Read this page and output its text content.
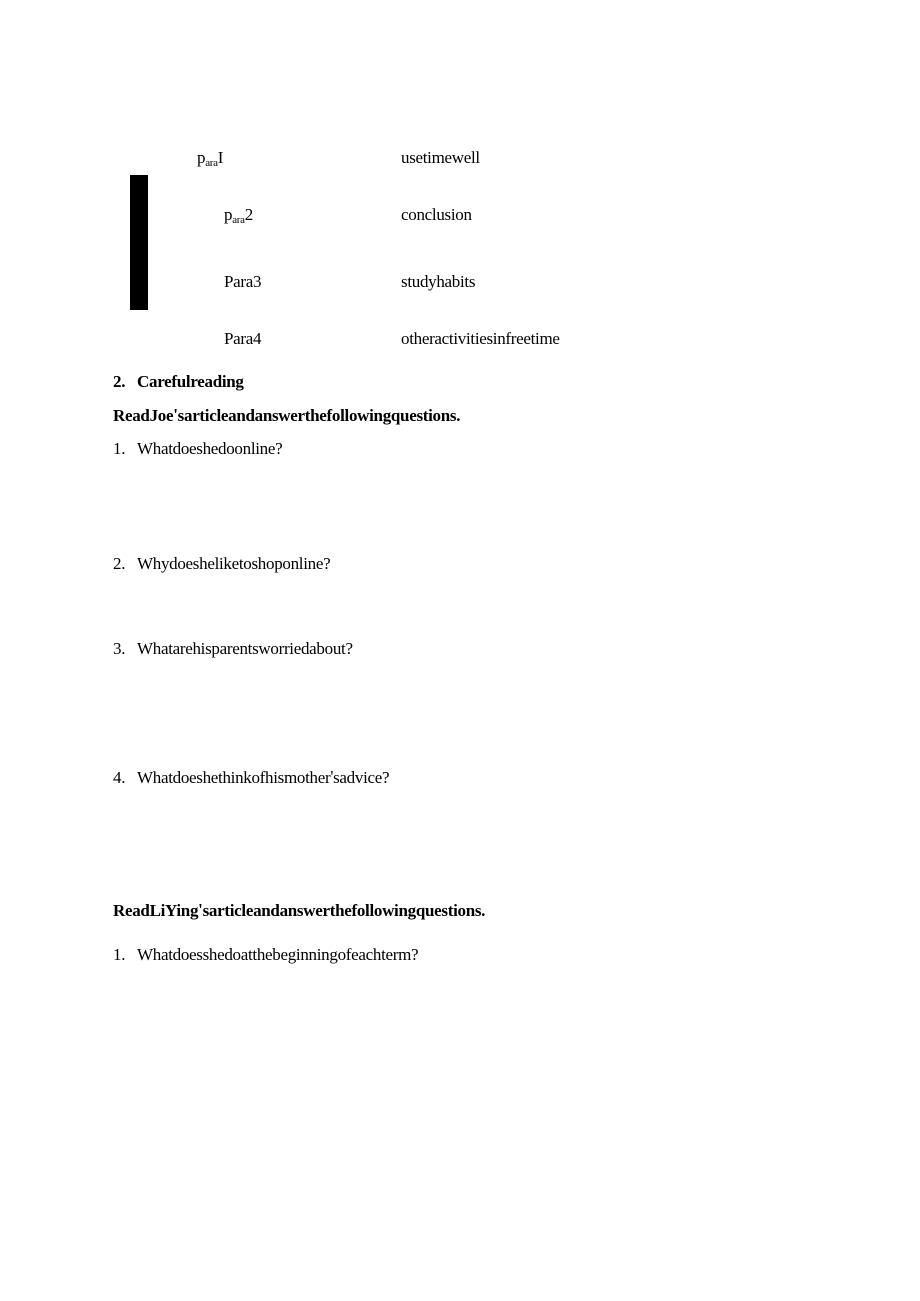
$p_{ara}I$	usetimewell
$p_{ara}2$	conclusion
Para3	studyhabits
Para4	otheractivitiesinfreetime
2. Carefulreading
ReadJoe'sarticleandanswerthefollowingquestions.
1. Whatdoeshedoonline?
2. Whydoesheliketoshoponline?
3. Whatarehisparentsworriedabout?
4. Whatdoeshethinkofhismother'sadvice?
ReadLiYing'sarticleandanswerthefollowingquestions.
1. Whatdoesshedoatthebeginningofeachterm?
